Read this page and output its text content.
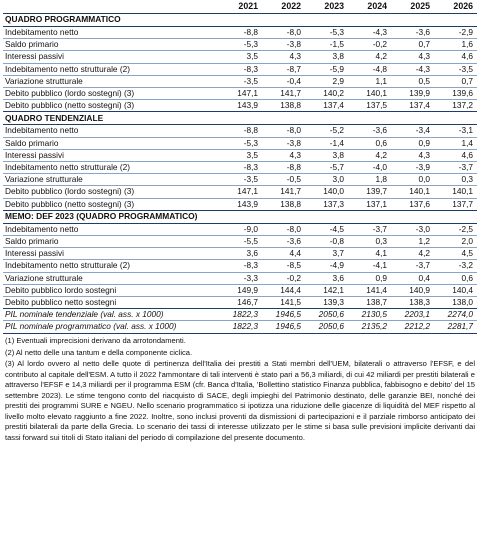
	2021	2022	2023	2024	2025	2026
QUADRO PROGRAMMATICO						
Indebitamento netto	-8,8	-8,0	-5,3	-4,3	-3,6	-2,9
Saldo primario	-5,3	-3,8	-1,5	-0,2	0,7	1,6
Interessi passivi	3,5	4,3	3,8	4,2	4,3	4,6
Indebitamento netto strutturale (2)	-8,3	-8,7	-5,9	-4,8	-4,3	-3,5
Variazione strutturale	-3,5	-0,4	2,9	1,1	0,5	0,7
Debito pubblico (lordo sostegni) (3)	147,1	141,7	140,2	140,1	139,9	139,6
Debito pubblico (netto sostegni) (3)	143,9	138,8	137,4	137,5	137,4	137,2
QUADRO TENDENZIALE						
Indebitamento netto	-8,8	-8,0	-5,2	-3,6	-3,4	-3,1
Saldo primario	-5,3	-3,8	-1,4	0,6	0,9	1,4
Interessi passivi	3,5	4,3	3,8	4,2	4,3	4,6
Indebitamento netto strutturale (2)	-8,3	-8,8	-5,7	-4,0	-3,9	-3,7
Variazione strutturale	-3,5	-0,5	3,0	1,8	0,0	0,3
Debito pubblico (lordo sostegni) (3)	147,1	141,7	140,0	139,7	140,1	140,1
Debito pubblico (netto sostegni) (3)	143,9	138,8	137,3	137,1	137,6	137,7
MEMO: DEF 2023 (QUADRO PROGRAMMATICO)						
Indebitamento netto	-9,0	-8,0	-4,5	-3,7	-3,0	-2,5
Saldo primario	-5,5	-3,6	-0,8	0,3	1,2	2,0
Interessi passivi	3,6	4,4	3,7	4,1	4,2	4,5
Indebitamento netto strutturale (2)	-8,3	-8,5	-4,9	-4,1	-3,7	-3,2
Variazione strutturale	-3,3	-0,2	3,6	0,9	0,4	0,6
Debito pubblico lordo sostegni	149,9	144,4	142,1	141,4	140,9	140,4
Debito pubblico netto sostegni	146,7	141,5	139,3	138,7	138,3	138,0
PIL nominale tendenziale (val. ass. x 1000)	1822,3	1946,5	2050,6	2130,5	2203,1	2274,0
PIL nominale programmatico (val. ass. x 1000)	1822,3	1946,5	2050,6	2135,2	2212,2	2281,7

(1) Eventuali imprecisioni derivano da arrotondamenti.

(2) Al netto delle una tantum e della componente ciclica.

(3) Al lordo ovvero al netto delle quote di pertinenza dell'Italia dei prestiti a Stati membri dell'UEM, bilaterali o attraverso l'EFSF, e del contributo al capitale dell'ESM. A tutto il 2022 l'ammontare di tali interventi è stato pari a 56,3 miliardi, di cui 42 miliardi per prestiti bilaterali e attraverso l'EFSF e 14,3 miliardi per il programma ESM (cfr. Banca d'Italia, 'Bollettino statistico Finanza pubblica, fabbisogno e debito' del 15 settembre 2023). Le stime tengono conto del riacquisto di SACE, degli impieghi del Patrimonio destinato, delle garanzie BEI, nonché dei prestiti dei programmi SURE e NGEU. Nello scenario programmatico si ipotizza una riduzione delle giacenze di liquidità del MEF rispetto al livello molto elevato raggiunto a fine 2022. Inoltre, sono inclusi proventi da dismissioni di partecipazioni e il parziale rimborso anticipato dei prestiti bilaterali da parte della Grecia. Lo scenario dei tassi di interesse utilizzato per le stime si basa sulle previsioni implicite derivanti dai tassi forward sui titoli di Stato italiani del periodo di compilazione del presente documento.
